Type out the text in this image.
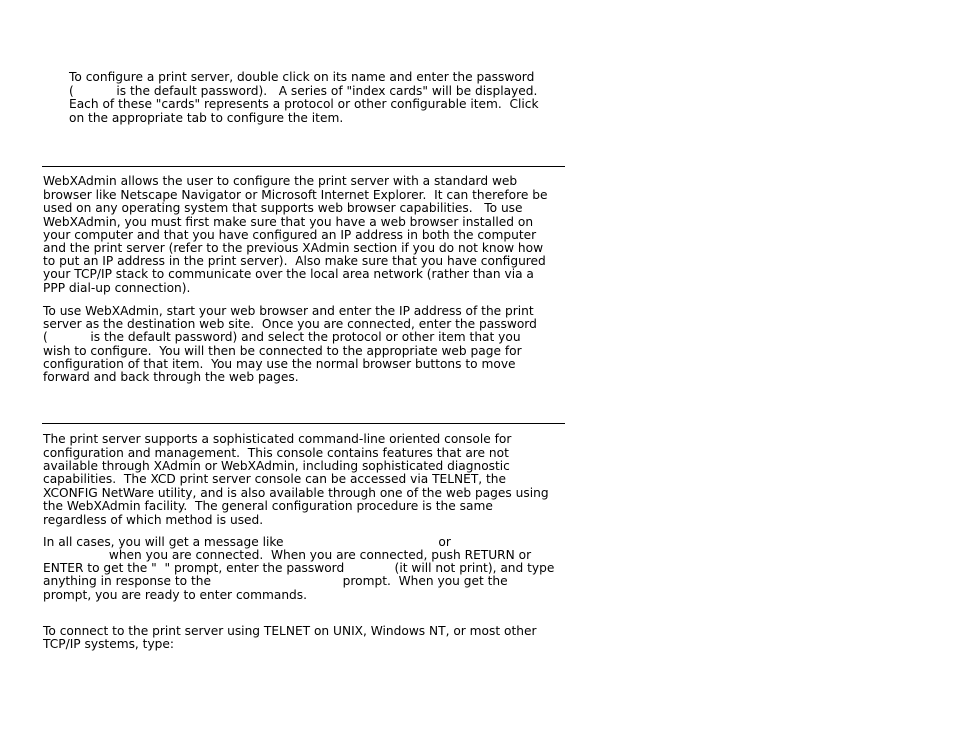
To configure a print server, double click on its name and enter the password
(           is the default password).   A series of "index cards" will be displayed.
Each of these "cards" represents a protocol or other configurable item.  Click
on the appropriate tab to configure the item.
WebXAdmin allows the user to configure the print server with a standard web
browser like Netscape Navigator or Microsoft Internet Explorer.  It can therefore be
used on any operating system that supports web browser capabilities.   To use
WebXAdmin, you must first make sure that you have a web browser installed on
your computer and that you have configured an IP address in both the computer
and the print server (refer to the previous XAdmin section if you do not know how
to put an IP address in the print server).  Also make sure that you have configured
your TCP/IP stack to communicate over the local area network (rather than via a
PPP dial-up connection).
To use WebXAdmin, start your web browser and enter the IP address of the print
server as the destination web site.  Once you are connected, enter the password
(           is the default password) and select the protocol or other item that you
wish to configure.  You will then be connected to the appropriate web page for
configuration of that item.  You may use the normal browser buttons to move
forward and back through the web pages.
The print server supports a sophisticated command-line oriented console for
configuration and management.  This console contains features that are not
available through XAdmin or WebXAdmin, including sophisticated diagnostic
capabilities.  The XCD print server console can be accessed via TELNET, the
XCONFIG NetWare utility, and is also available through one of the web pages using
the WebXAdmin facility.  The general configuration procedure is the same
regardless of which method is used.
In all cases, you will get a message like                                        or
when you are connected.  When you are connected, push RETURN or
ENTER to get the "  " prompt, enter the password             (it will not print), and type
anything in response to the                                  prompt.  When you get the
prompt, you are ready to enter commands.
To connect to the print server using TELNET on UNIX, Windows NT, or most other
TCP/IP systems, type:
